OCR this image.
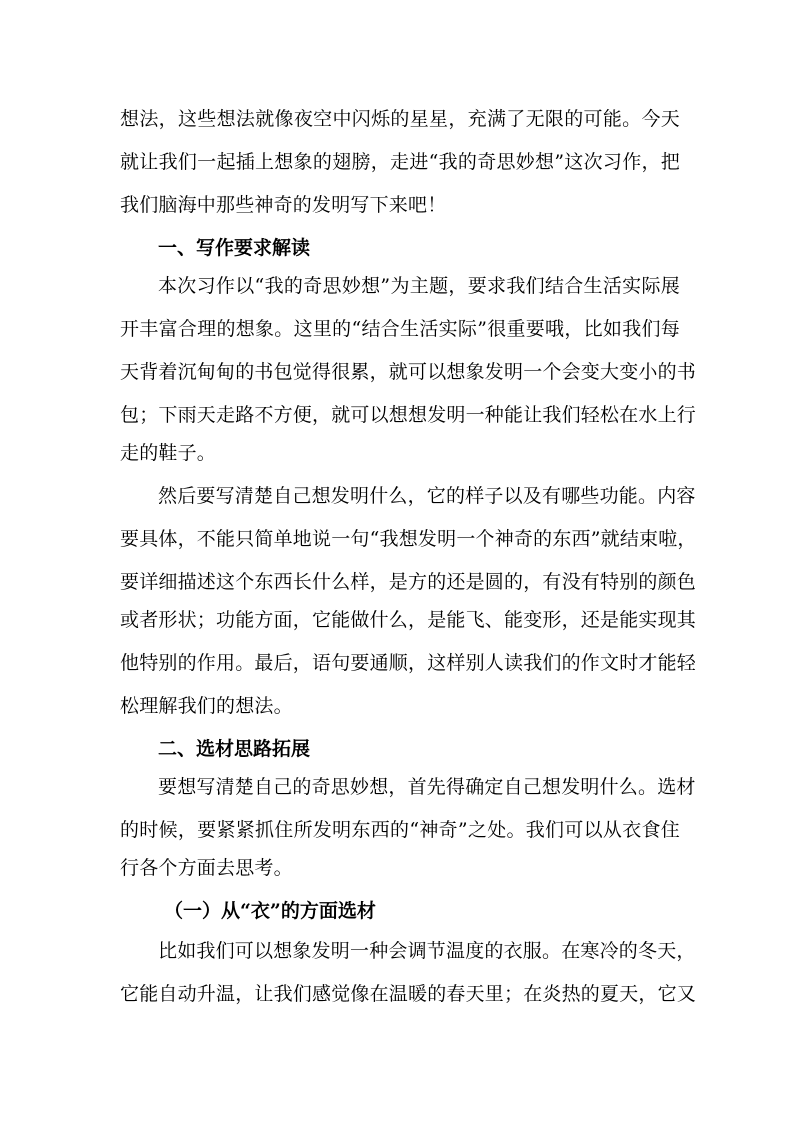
想法，这些想法就像夜空中闪烁的星星，充满了无限的可能。今天
就让我们一起插上想象的翅膀，走进“我的奇思妙想”这次习作，把
我们脑海中那些神奇的发明写下来吧！
一、写作要求解读
本次习作以“我的奇思妙想”为主题，要求我们结合生活实际展
开丰富合理的想象。这里的“结合生活实际”很重要哦，比如我们每
天背着沉甸甸的书包觉得很累，就可以想象发明一个会变大变小的书
包；下雨天走路不方便，就可以想想发明一种能让我们轻松在水上行
走的鞋子。
然后要写清楚自己想发明什么，它的样子以及有哪些功能。内容
要具体，不能只简单地说一句“我想发明一个神奇的东西”就结束啦，
要详细描述这个东西长什么样，是方的还是圆的，有没有特别的颜色
或者形状；功能方面，它能做什么，是能飞、能变形，还是能实现其
他特别的作用。最后，语句要通顺，这样别人读我们的作文时才能轻
松理解我们的想法。
二、选材思路拓展
要想写清楚自己的奇思妙想，首先得确定自己想发明什么。选材
的时候，要紧紧抓住所发明东西的“神奇”之处。我们可以从衣食住
行各个方面去思考。
（一）从“衣”的方面选材
比如我们可以想象发明一种会调节温度的衣服。在寒冷的冬天，
它能自动升温，让我们感觉像在温暖的春天里；在炎热的夏天，它又
